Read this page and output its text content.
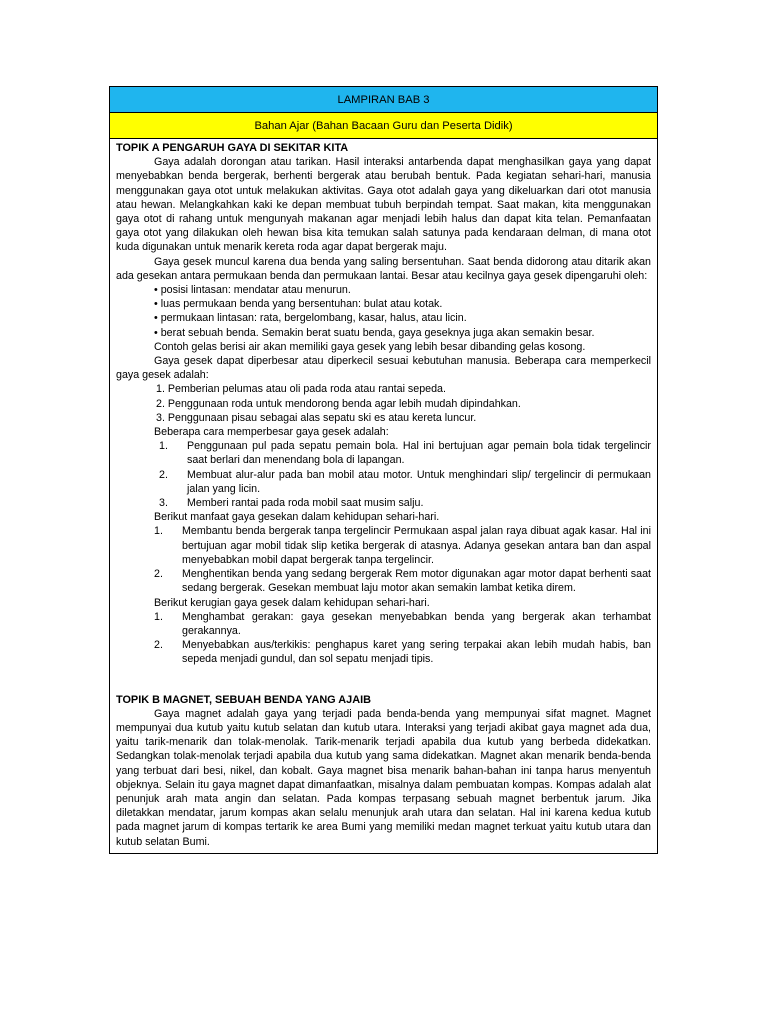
LAMPIRAN BAB 3
Bahan Ajar (Bahan Bacaan Guru dan Peserta Didik)
TOPIK A PENGARUH GAYA DI SEKITAR KITA

Gaya adalah dorongan atau tarikan. Hasil interaksi antarbenda dapat menghasilkan gaya yang dapat menyebabkan benda bergerak, berhenti bergerak atau berubah bentuk. Pada kegiatan sehari-hari, manusia menggunakan gaya otot untuk melakukan aktivitas. Gaya otot adalah gaya yang dikeluarkan dari otot manusia atau hewan. Melangkahkan kaki ke depan membuat tubuh berpindah tempat. Saat makan, kita menggunakan gaya otot di rahang untuk mengunyah makanan agar menjadi lebih halus dan dapat kita telan. Pemanfaatan gaya otot yang dilakukan oleh hewan bisa kita temukan salah satunya pada kendaraan delman, di mana otot kuda digunakan untuk menarik kereta roda agar dapat bergerak maju.

Gaya gesek muncul karena dua benda yang saling bersentuhan. Saat benda didorong atau ditarik akan ada gesekan antara permukaan benda dan permukaan lantai. Besar atau kecilnya gaya gesek dipengaruhi oleh:

• posisi lintasan: mendatar atau menurun.
• luas permukaan benda yang bersentuhan: bulat atau kotak.
• permukaan lintasan: rata, bergelombang, kasar, halus, atau licin.
• berat sebuah benda. Semakin berat suatu benda, gaya geseknya juga akan semakin besar.

Contoh gelas berisi air akan memiliki gaya gesek yang lebih besar dibanding gelas kosong.

Gaya gesek dapat diperbesar atau diperkecil sesuai kebutuhan manusia. Beberapa cara memperkecil gaya gesek adalah:

1. Pemberian pelumas atau oli pada roda atau rantai sepeda.
2. Penggunaan roda untuk mendorong benda agar lebih mudah dipindahkan.
3. Penggunaan pisau sebagai alas sepatu ski es atau kereta luncur.

Beberapa cara memperbesar gaya gesek adalah:

1.	Penggunaan pul pada sepatu pemain bola. Hal ini bertujuan agar pemain bola tidak tergelincir saat berlari dan menendang bola di lapangan.
2.	Membuat alur-alur pada ban mobil atau motor. Untuk menghindari slip/ tergelincir di permukaan jalan yang licin.
3.	Memberi rantai pada roda mobil saat musim salju.

Berikut manfaat gaya gesekan dalam kehidupan sehari-hari.

1.	Membantu benda bergerak tanpa tergelincir Permukaan aspal jalan raya dibuat agak kasar. Hal ini bertujuan agar mobil tidak slip ketika bergerak di atasnya. Adanya gesekan antara ban dan aspal menyebabkan mobil dapat bergerak tanpa tergelincir.
2.	Menghentikan benda yang sedang bergerak Rem motor digunakan agar motor dapat berhenti saat sedang bergerak. Gesekan membuat laju motor akan semakin lambat ketika direm.

Berikut kerugian gaya gesek dalam kehidupan sehari-hari.

1.	Menghambat gerakan: gaya gesekan menyebabkan benda yang bergerak akan terhambat gerakannya.
2.	Menyebabkan aus/terkikis: penghapus karet yang sering terpakai akan lebih mudah habis, ban sepeda menjadi gundul, dan sol sepatu menjadi tipis.
TOPIK B MAGNET, SEBUAH BENDA YANG AJAIB

Gaya magnet adalah gaya yang terjadi pada benda-benda yang mempunyai sifat magnet. Magnet mempunyai dua kutub yaitu kutub selatan dan kutub utara. Interaksi yang terjadi akibat gaya magnet ada dua, yaitu tarik-menarik dan tolak-menolak. Tarik-menarik terjadi apabila dua kutub yang berbeda didekatkan. Sedangkan tolak-menolak terjadi apabila dua kutub yang sama didekatkan. Magnet akan menarik benda-benda yang terbuat dari besi, nikel, dan kobalt. Gaya magnet bisa menarik bahan-bahan ini tanpa harus menyentuh objeknya. Selain itu gaya magnet dapat dimanfaatkan, misalnya dalam pembuatan kompas. Kompas adalah alat penunjuk arah mata angin dan selatan. Pada kompas terpasang sebuah magnet berbentuk jarum. Jika diletakkan mendatar, jarum kompas akan selalu menunjuk arah utara dan selatan. Hal ini karena kedua kutub pada magnet jarum di kompas tertarik ke area Bumi yang memiliki medan magnet terkuat yaitu kutub utara dan kutub selatan Bumi.
